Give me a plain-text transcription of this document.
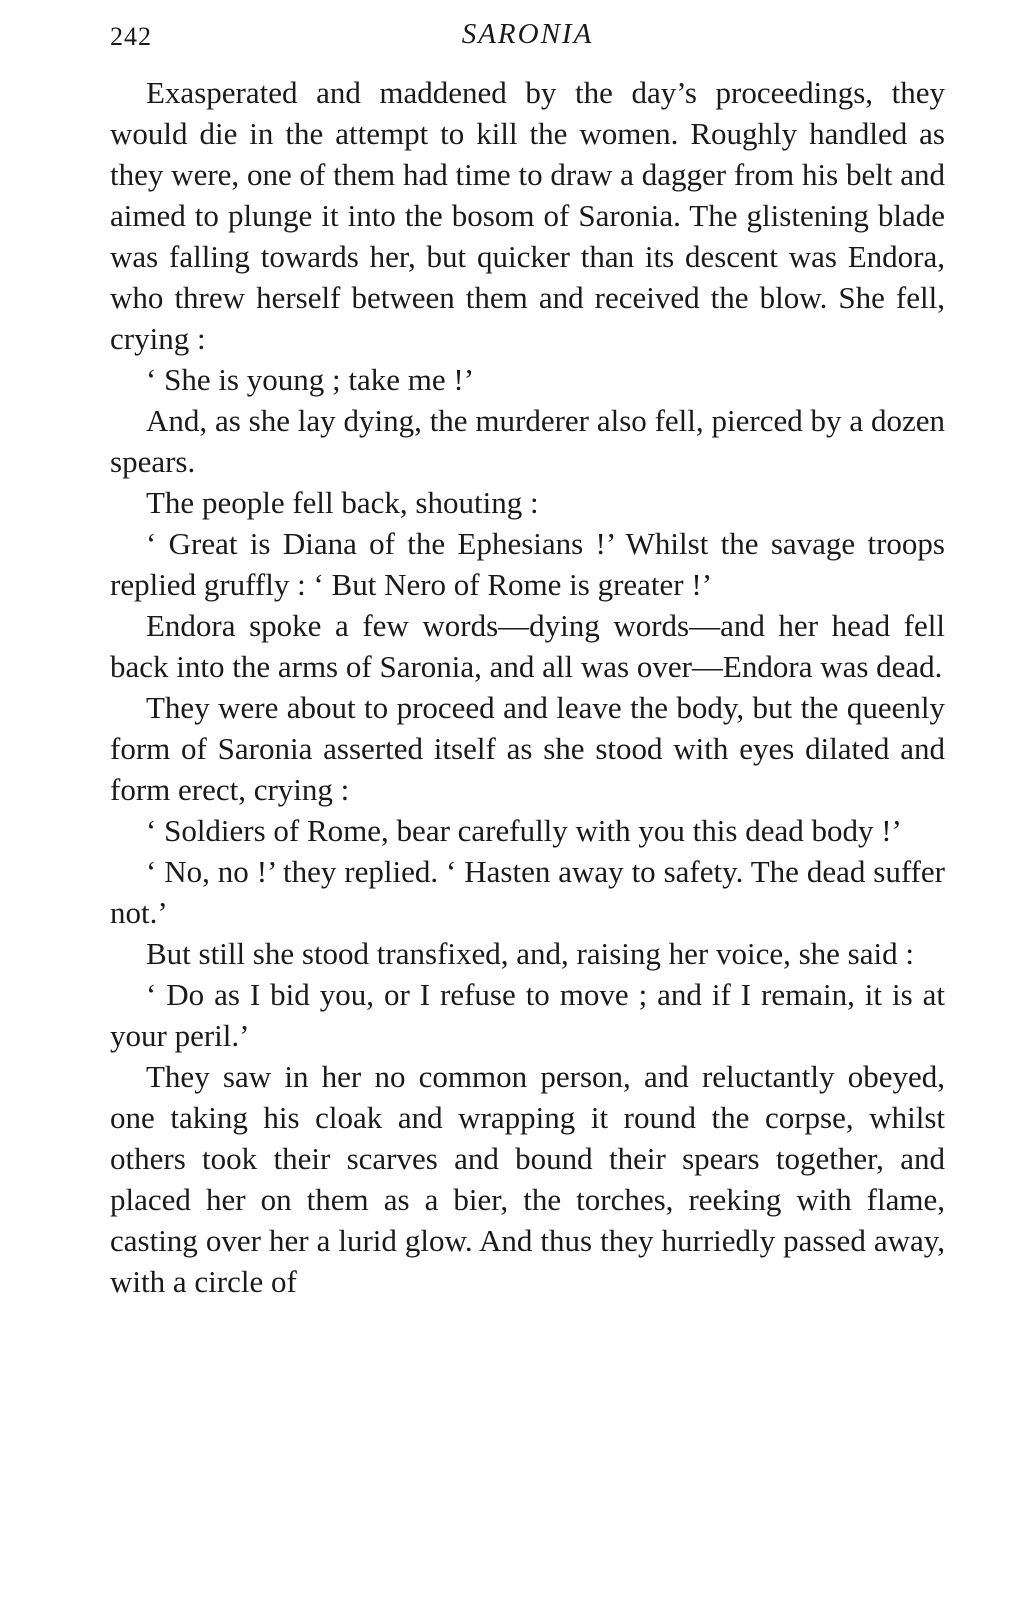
242	SARONIA

Exasperated and maddened by the day’s proceedings, they would die in the attempt to kill the women. Roughly handled as they were, one of them had time to draw a dagger from his belt and aimed to plunge it into the bosom of Saronia. The glistening blade was falling towards her, but quicker than its descent was Endora, who threw herself between them and received the blow. She fell, crying :

‘ She is young ; take me !’

And, as she lay dying, the murderer also fell, pierced by a dozen spears.

The people fell back, shouting :

‘ Great is Diana of the Ephesians !’ Whilst the savage troops replied gruffly : ‘ But Nero of Rome is greater !’

Endora spoke a few words—dying words—and her head fell back into the arms of Saronia, and all was over—Endora was dead.

They were about to proceed and leave the body, but the queenly form of Saronia asserted itself as she stood with eyes dilated and form erect, crying :

‘ Soldiers of Rome, bear carefully with you this dead body !’

‘ No, no !’ they replied. ‘ Hasten away to safety. The dead suffer not.’

But still she stood transfixed, and, raising her voice, she said :

‘ Do as I bid you, or I refuse to move ; and if I remain, it is at your peril.’

They saw in her no common person, and reluctantly obeyed, one taking his cloak and wrapping it round the corpse, whilst others took their scarves and bound their spears together, and placed her on them as a bier, the torches, reeking with flame, casting over her a lurid glow. And thus they hurriedly passed away, with a circle of
